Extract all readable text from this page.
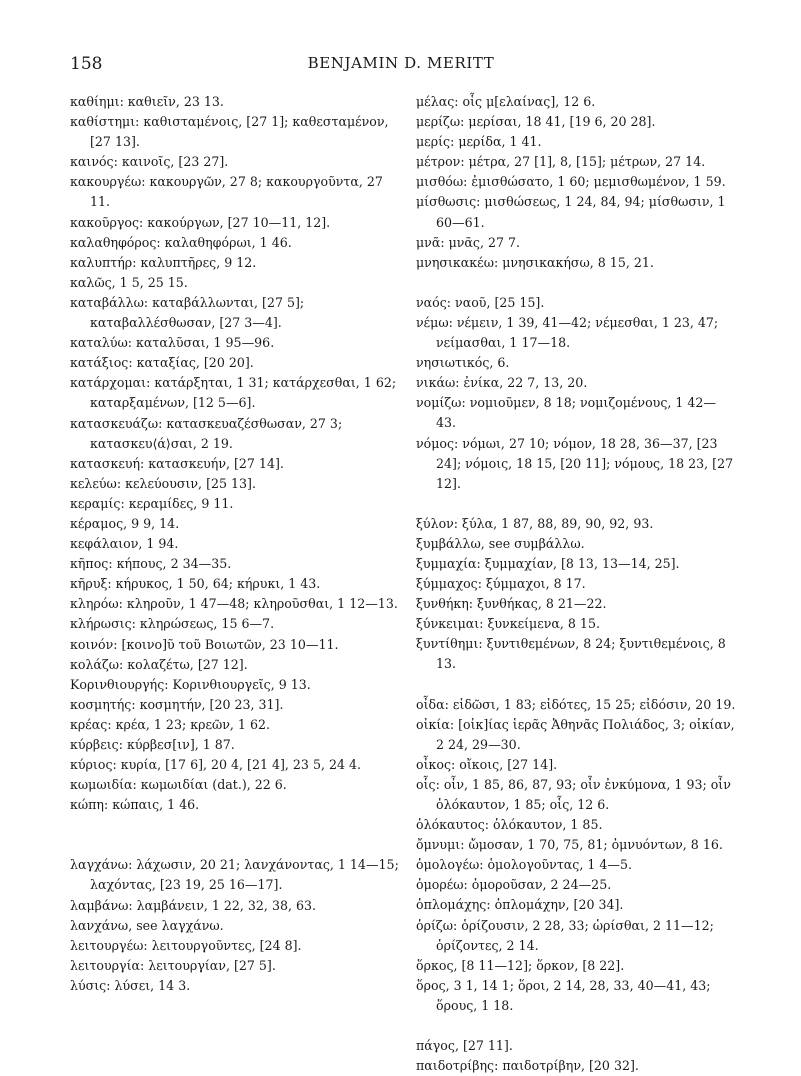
158	BENJAMIN D. MERITT
καθίημι: καθιεῖν, 23 13.
καθίστημι: καθισταμένοις, [27 1]; καθεσταμένον, [27 13].
καινός: καινοῖς, [23 27].
κακουργέω: κακουργῶν, 27 8; κακουργοῦντα, 27 11.
κακοῦργος: κακούργων, [27 10—11, 12].
καλαθηφόρος: καλαθηφόρωι, 1 46.
καλυπτήρ: καλυπτῆρες, 9 12.
καλῶς, 1 5, 25 15.
καταβάλλω: καταβάλλωνται, [27 5]; καταβαλλέσθωσαν, [27 3—4].
καταλύω: καταλῦσαι, 1 95—96.
κατάξιος: καταξίας, [20 20].
κατάρχομαι: κατάρξηται, 1 31; κατάρχεσθαι, 1 62; καταρξαμένων, [12 5—6].
κατασκευάζω: κατασκευαζέσθωσαν, 27 3; κατασκευ⟨ά⟩σαι, 2 19.
κατασκευή: κατασκευήν, [27 14].
κελεύω: κελεύουσιν, [25 13].
κεραμίς: κεραμίδες, 9 11.
κέραμος, 9 9, 14.
κεφάλαιον, 1 94.
κῆπος: κήπους, 2 34—35.
κῆρυξ: κήρυκος, 1 50, 64; κήρυκι, 1 43.
κληρόω: κληροῦν, 1 47—48; κληροῦσθαι, 1 12—13.
κλήρωσις: κληρώσεως, 15 6—7.
κοινόν: [κοινο]ῦ τοῦ Βοιωτῶν, 23 10—11.
κολάζω: κολαζέτω, [27 12].
Κορινθιουργής: Κορινθιουργεῖς, 9 13.
κοσμητής: κοσμητήν, [20 23, 31].
κρέας: κρέα, 1 23; κρεῶν, 1 62.
κύρβεις: κύρβεσ[ιν], 1 87.
κύριος: κυρία, [17 6], 20 4, [21 4], 23 5, 24 4.
κωμωιδία: κωμωιδίαι (dat.), 22 6.
κώπη: κώπαις, 1 46.
λαγχάνω: λάχωσιν, 20 21; λανχάνοντας, 1 14—15; λαχόντας, [23 19, 25 16—17].
λαμβάνω: λαμβάνειν, 1 22, 32, 38, 63.
λανχάνω, see λαγχάνω.
λειτουργέω: λειτουργοῦντες, [24 8].
λειτουργία: λειτουργίαν, [27 5].
λύσις: λύσει, 14 3.
μέλας: οἷς μ[ελαίνας], 12 6.
μερίζω: μερίσαι, 18 41, [19 6, 20 28].
μερίς: μερίδα, 1 41.
μέτρον: μέτρα, 27 [1], 8, [15]; μέτρων, 27 14.
μισθόω: ἐμισθώσατο, 1 60; μεμισθωμένον, 1 59.
μίσθωσις: μισθώσεως, 1 24, 84, 94; μίσθωσιν, 1 60—61.
μνᾶ: μνᾶς, 27 7.
μνησικακέω: μνησικακήσω, 8 15, 21.
ναός: ναοῦ, [25 15].
νέμω: νέμειν, 1 39, 41—42; νέμεσθαι, 1 23, 47; νείμασθαι, 1 17—18.
νησιωτικός, 6.
νικάω: ἐνίκα, 22 7, 13, 20.
νομίζω: νομιοῦμεν, 8 18; νομιζομένους, 1 42—43.
νόμος: νόμωι, 27 10; νόμον, 18 28, 36—37, [23 24]; νόμοις, 18 15, [20 11]; νόμους, 18 23, [27 12].
ξύλον: ξύλα, 1 87, 88, 89, 90, 92, 93.
ξυμβάλλω, see συμβάλλω.
ξυμμαχία: ξυμμαχίαν, [8 13, 13—14, 25].
ξύμμαχος: ξύμμαχοι, 8 17.
ξυνθήκη: ξυνθήκας, 8 21—22.
ξύνκειμαι: ξυνκείμενα, 8 15.
ξυντίθημι: ξυντιθεμένων, 8 24; ξυντιθεμένοις, 8 13.
οἶδα: εἰδῶσι, 1 83; εἰδότες, 15 25; εἰδόσιν, 20 19.
οἰκία: [οἰκ]ίας ἱερᾶς Ἀθηνᾶς Πολιάδος, 3; οἰκίαν, 2 24, 29—30.
οἶκος: οἴκοις, [27 14].
οἷς: οἶν, 1 85, 86, 87, 93; οἶν ἐνκύμονα, 1 93; οἶν ὁλόκαυτον, 1 85; οἷς, 12 6.
ὁλόκαυτος: ὁλόκαυτον, 1 85.
ὄμνυμι: ὤμοσαν, 1 70, 75, 81; ὀμνυόντων, 8 16.
ὁμολογέω: ὁμολογοῦντας, 1 4—5.
ὁμορέω: ὁμοροῦσαν, 2 24—25.
ὁπλομάχης: ὁπλομάχην, [20 34].
ὁρίζω: ὁρίζουσιν, 2 28, 33; ὡρίσθαι, 2 11—12; ὁρίζοντες, 2 14.
ὅρκος, [8 11—12]; ὅρκον, [8 22].
ὅρος, 3 1, 14 1; ὅροι, 2 14, 28, 33, 40—41, 43; ὅρους, 1 18.
πάγος, [27 11].
παιδοτρίβης: παιδοτρίβην, [20 32].
